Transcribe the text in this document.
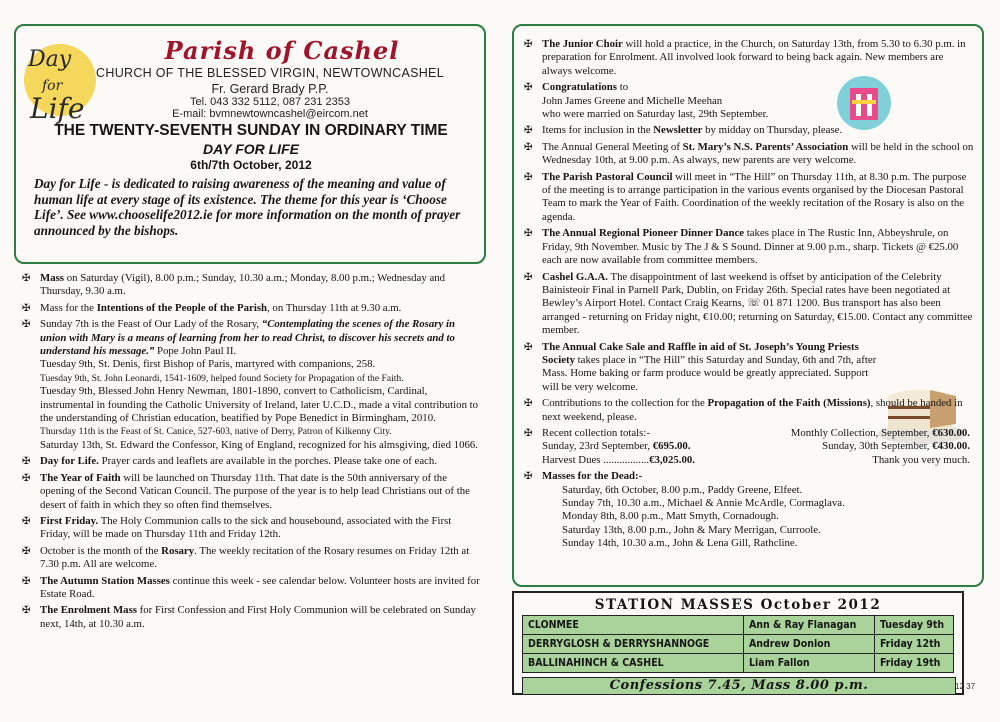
Day
for
Life
Parish of Cashel
CHURCH OF THE BLESSED VIRGIN, NEWTOWNCASHEL
Fr. Gerard Brady P.P.
Tel. 043 332 5112, 087 231 2353
E-mail: bvmnewtowncashel@eircom.net
THE TWENTY-SEVENTH SUNDAY IN ORDINARY TIME
DAY FOR LIFE
6th/7th October, 2012
Day for Life - is dedicated to raising awareness of the meaning and value of human life at every stage of its existence. The theme for this year is ‘Choose Life’. See www.chooselife2012.ie for more information on the month of prayer announced by the bishops.
✠ Mass on Saturday (Vigil), 8.00 p.m.; Sunday, 10.30 a.m.; Monday, 8.00 p.m.; Wednesday and Thursday, 9.30 a.m.
✠ Mass for the Intentions of the People of the Parish, on Thursday 11th at 9.30 a.m.
✠ Sunday 7th is the Feast of Our Lady of the Rosary, “Contemplating the scenes of the Rosary in union with Mary is a means of learning from her to read Christ, to discover his secrets and to understand his message.” Pope John Paul II.
Tuesday 9th, St. Denis, first Bishop of Paris, martyred with companions, 258.
Tuesday 9th, St. John Leonardi, 1541-1609, helped found Society for Propagation of the Faith.
Tuesday 9th, Blessed John Henry Newman, 1801-1890, convert to Catholicism, Cardinal, instrumental in founding the Catholic University of Ireland, later U.C.D., made a vital contribution to the understanding of Christian education, beatified by Pope Benedict in Birmingham, 2010.
Thursday 11th is the Feast of St. Canice, 527-603, native of Derry, Patron of Kilkenny City.
Saturday 13th, St. Edward the Confessor, King of England, recognized for his almsgiving, died 1066.
✠ Day for Life. Prayer cards and leaflets are available in the porches. Please take one of each.
✠ The Year of Faith will be launched on Thursday 11th. That date is the 50th anniversary of the opening of the Second Vatican Council. The purpose of the year is to help lead Christians out of the desert of faith in which they so often find themselves.
✠ First Friday. The Holy Communion calls to the sick and housebound, associated with the First Friday, will be made on Thursday 11th and Friday 12th.
✠ October is the month of the Rosary. The weekly recitation of the Rosary resumes on Friday 12th at 7.30 p.m. All are welcome.
✠ The Autumn Station Masses continue this week - see calendar below. Volunteer hosts are invited for Estate Road.
✠ The Enrolment Mass for First Confession and First Holy Communion will be celebrated on Sunday next, 14th, at 10.30 a.m.
✠ The Junior Choir will hold a practice, in the Church, on Saturday 13th, from 5.30 to 6.30 p.m. in preparation for Enrolment. All involved look forward to being back again. New members are always welcome.
✠ Congratulations to
John James Greene and Michelle Meehan
who were married on Saturday last, 29th September.
✠ Items for inclusion in the Newsletter by midday on Thursday, please.
✠ The Annual General Meeting of St. Mary’s N.S. Parents’ Association will be held in the school on Wednesday 10th, at 9.00 p.m. As always, new parents are very welcome.
✠ The Parish Pastoral Council will meet in “The Hill” on Thursday 11th, at 8.30 p.m. The purpose of the meeting is to arrange participation in the various events organised by the Diocesan Pastoral Team to mark the Year of Faith. Coordination of the weekly recitation of the Rosary is also on the agenda.
✠ The Annual Regional Pioneer Dinner Dance takes place in The Rustic Inn, Abbeyshrule, on Friday, 9th November. Music by The J & S Sound. Dinner at 9.00 p.m., sharp. Tickets @ €25.00 each are now available from committee members.
✠ Cashel G.A.A. The disappointment of last weekend is offset by anticipation of the Celebrity Bainisteoir Final in Parnell Park, Dublin, on Friday 26th. Special rates have been negotiated at Bewley’s Airport Hotel. Contact Craig Kearns, ☏ 01 871 1200. Bus transport has also been arranged - returning on Friday night, €10.00; returning on Saturday, €15.00. Contact any committee member.
✠ The Annual Cake Sale and Raffle in aid of St. Joseph’s Young Priests Society takes place in “The Hill” this Saturday and Sunday, 6th and 7th, after Mass. Home baking or farm produce would be greatly appreciated. Support will be very welcome.
✠ Contributions to the collection for the Propagation of the Faith (Missions), should be handed in next weekend, please.
✠ Recent collection totals:-	Monthly Collection, September, €630.00.
Sunday, 23rd September, €695.00.	Sunday, 30th September, €430.00.
Harvest Dues .................€3,025.00.	Thank you very much.
✠ Masses for the Dead:-
Saturday, 6th October, 8.00 p.m., Paddy Greene, Elfeet.
Sunday 7th, 10.30 a.m., Michael & Annie McArdle, Cormaglava.
Monday 8th, 8.00 p.m., Matt Smyth, Cornadough.
Saturday 13th, 8.00 p.m., John & Mary Merrigan, Curroole.
Sunday 14th, 10.30 a.m., John & Lena Gill, Rathcline.
STATION MASSES October 2012
CLONMEE	Ann & Ray Flanagan	Tuesday 9th
DERRYGLOSH & DERRYSHANNOGE	Andrew Donlon	Friday 12th
BALLINAHINCH & CASHEL	Liam Fallon	Friday 19th
Confessions 7.45, Mass 8.00 p.m.	12 37
